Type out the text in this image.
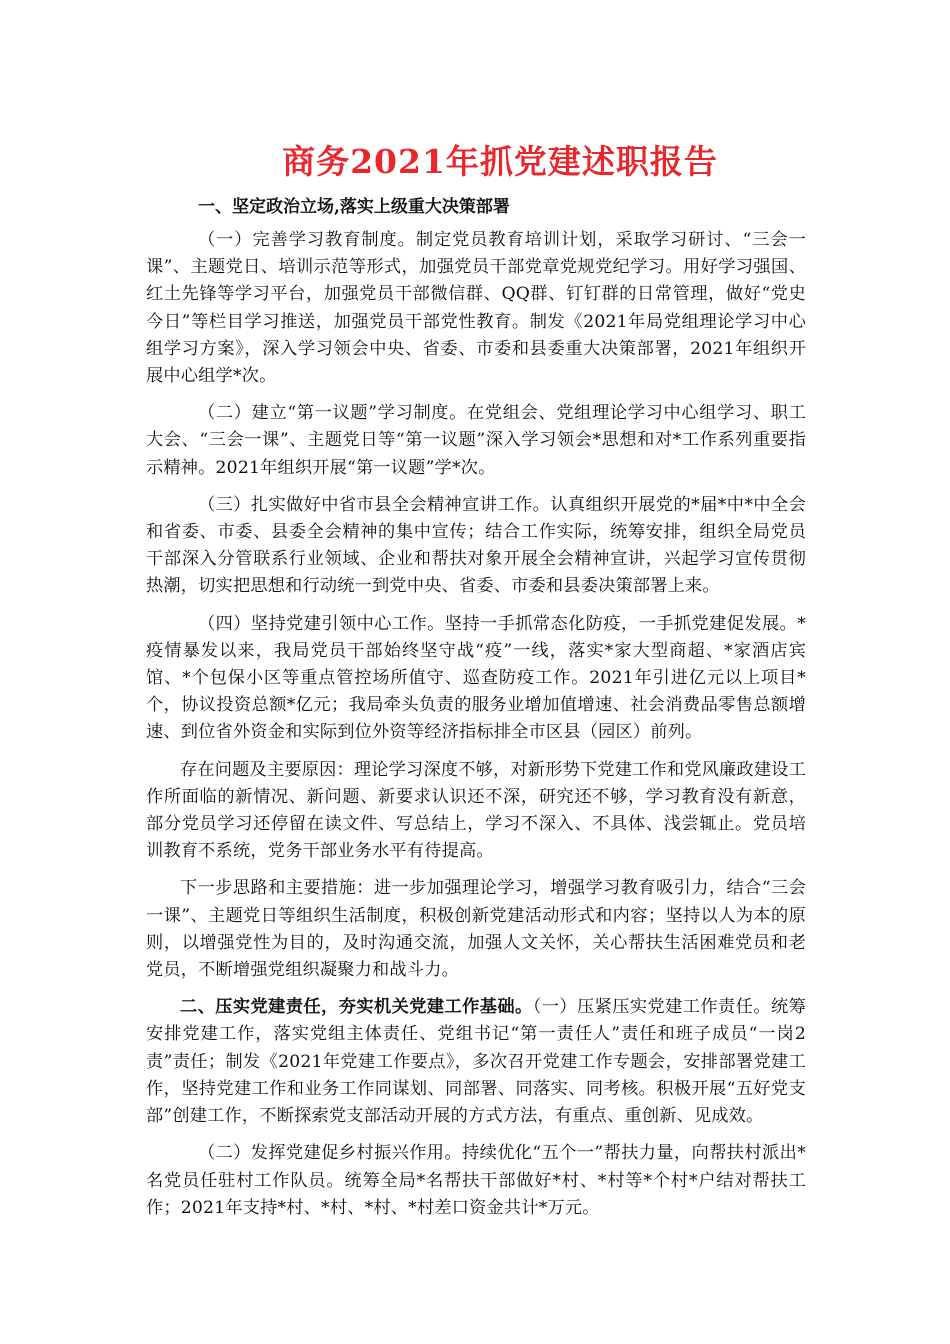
商务2021年抓党建述职报告
一、坚定政治立场,落实上级重大决策部署

（一）完善学习教育制度。制定党员教育培训计划，采取学习研讨、“三会一课”、主题党日、培训示范等形式，加强党员干部党章党规党纪学习。用好学习强国、红土先锋等学习平台，加强党员干部微信群、QQ群、钉钉群的日常管理，做好“党史今日”等栏目学习推送，加强党员干部党性教育。制发《2021年局党组理论学习中心组学习方案》，深入学习领会中央、省委、市委和县委重大决策部署，2021年组织开展中心组学*次。

（二）建立“第一议题”学习制度。在党组会、党组理论学习中心组学习、职工大会、“三会一课”、主题党日等“第一议题”深入学习领会*思想和对*工作系列重要指示精神。2021年组织开展“第一议题”学*次。

（三）扎实做好中省市县全会精神宣讲工作。认真组织开展党的*届*中*中全会和省委、市委、县委全会精神的集中宣传；结合工作实际，统筹安排，组织全局党员干部深入分管联系行业领域、企业和帮扶对象开展全会精神宣讲，兴起学习宣传贯彻热潮，切实把思想和行动统一到党中央、省委、市委和县委决策部署上来。

（四）坚持党建引领中心工作。坚持一手抓常态化防疫，一手抓党建促发展。*疫情暴发以来，我局党员干部始终坚守战“疫”一线，落实*家大型商超、*家酒店宾馆、*个包保小区等重点管控场所值守、巡查防疫工作。2021年引进亿元以上项目*个，协议投资总额*亿元；我局牵头负责的服务业增加值增速、社会消费品零售总额增速、到位省外资金和实际到位外资等经济指标排全市区县（园区）前列。

存在问题及主要原因：理论学习深度不够，对新形势下党建工作和党风廉政建设工作所面临的新情况、新问题、新要求认识还不深，研究还不够，学习教育没有新意，部分党员学习还停留在读文件、写总结上，学习不深入、不具体、浅尝辄止。党员培训教育不系统，党务干部业务水平有待提高。

下一步思路和主要措施：进一步加强理论学习，增强学习教育吸引力，结合“三会一课”、主题党日等组织生活制度，积极创新党建活动形式和内容；坚持以人为本的原则，以增强党性为目的，及时沟通交流，加强人文关怀，关心帮扶生活困难党员和老党员，不断增强党组织凝聚力和战斗力。

二、压实党建责任，夯实机关党建工作基础。（一）压紧压实党建工作责任。统筹安排党建工作，落实党组主体责任、党组书记“第一责任人”责任和班子成员“一岗2责”责任；制发《2021年党建工作要点》，多次召开党建工作专题会，安排部署党建工作，坚持党建工作和业务工作同谋划、同部署、同落实、同考核。积极开展“五好党支部”创建工作，不断探索党支部活动开展的方式方法，有重点、重创新、见成效。

（二）发挥党建促乡村振兴作用。持续优化“五个一”帮扶力量，向帮扶村派出*名党员任驻村工作队员。统筹全局*名帮扶干部做好*村、*村等*个村*户结对帮扶工作；2021年支持*村、*村、*村、*村差口资金共计*万元。
